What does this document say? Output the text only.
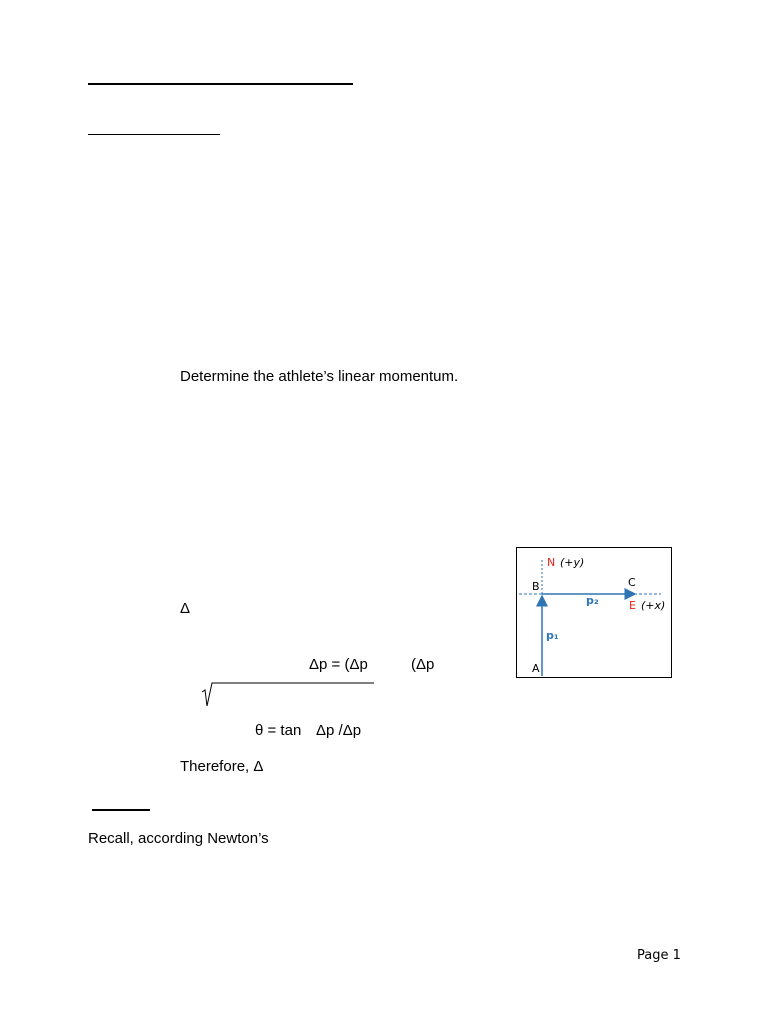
Determine the athlete’s linear momentum.
Δ
Δp = (Δp	(Δp
θ = tan Δp /Δp
Therefore, Δ
Recall, according Newton’s
N (+y)
B	C
p₂	E (+x)
p₁
A
Page 1
